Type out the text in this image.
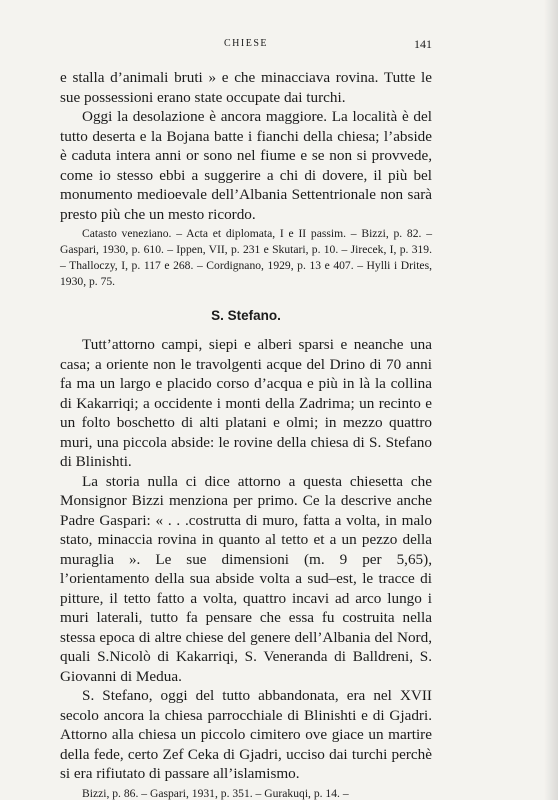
CHIESE	141

e stalla d’animali bruti » e che minacciava rovina. Tutte le sue possessioni erano state occupate dai turchi.

Oggi la desolazione è ancora maggiore. La località è del tutto deserta e la Bojana batte i fianchi della chiesa; l’abside è caduta intera anni or sono nel fiume e se non si provvede, come io stesso ebbi a suggerire a chi di dovere, il più bel monumento medioevale dell’Albania Settentrionale non sarà presto più che un mesto ricordo.

Catasto veneziano. – Acta et diplomata, I e II passim. – Bizzi, p. 82. – Gaspari, 1930, p. 610. – Ippen, VII, p. 231 e Skutari, p. 10. – Jirecek, I, p. 319. – Thalloczy, I, p. 117 e 268. – Cordignano, 1929, p. 13 e 407. – Hylli i Drites, 1930, p. 75.

S. Stefano.

Tutt’attorno campi, siepi e alberi sparsi e neanche una casa; a oriente non le travolgenti acque del Drino di 70 anni fa ma un largo e placido corso d’acqua e più in là la collina di Kakarriqi; a occidente i monti della Zadrima; un recinto e un folto boschetto di alti platani e olmi; in mezzo quattro muri, una piccola abside: le rovine della chiesa di S. Stefano di Blinishti.

La storia nulla ci dice attorno a questa chiesetta che Monsignor Bizzi menziona per primo. Ce la descrive anche Padre Gaspari: « . . .costrutta di muro, fatta a volta, in malo stato, minaccia rovina in quanto al tetto et a un pezzo della muraglia ». Le sue dimensioni (m. 9 per 5,65), l’orientamento della sua abside volta a sud–est, le tracce di pitture, il tetto fatto a volta, quattro incavi ad arco lungo i muri laterali, tutto fa pensare che essa fu costruita nella stessa epoca di altre chiese del genere dell’Albania del Nord, quali S.Nicolò di Kakarriqi, S. Veneranda di Balldreni, S. Giovanni di Medua.

S. Stefano, oggi del tutto abbandonata, era nel XVII secolo ancora la chiesa parrocchiale di Blinishti e di Gjadri. Attorno alla chiesa un piccolo cimitero ove giace un martire della fede, certo Zef Ceka di Gjadri, ucciso dai turchi perchè si era rifiutato di passare all’islamismo.

Bizzi, p. 86. – Gaspari, 1931, p. 351. – Gurakuqi, p. 14. –
